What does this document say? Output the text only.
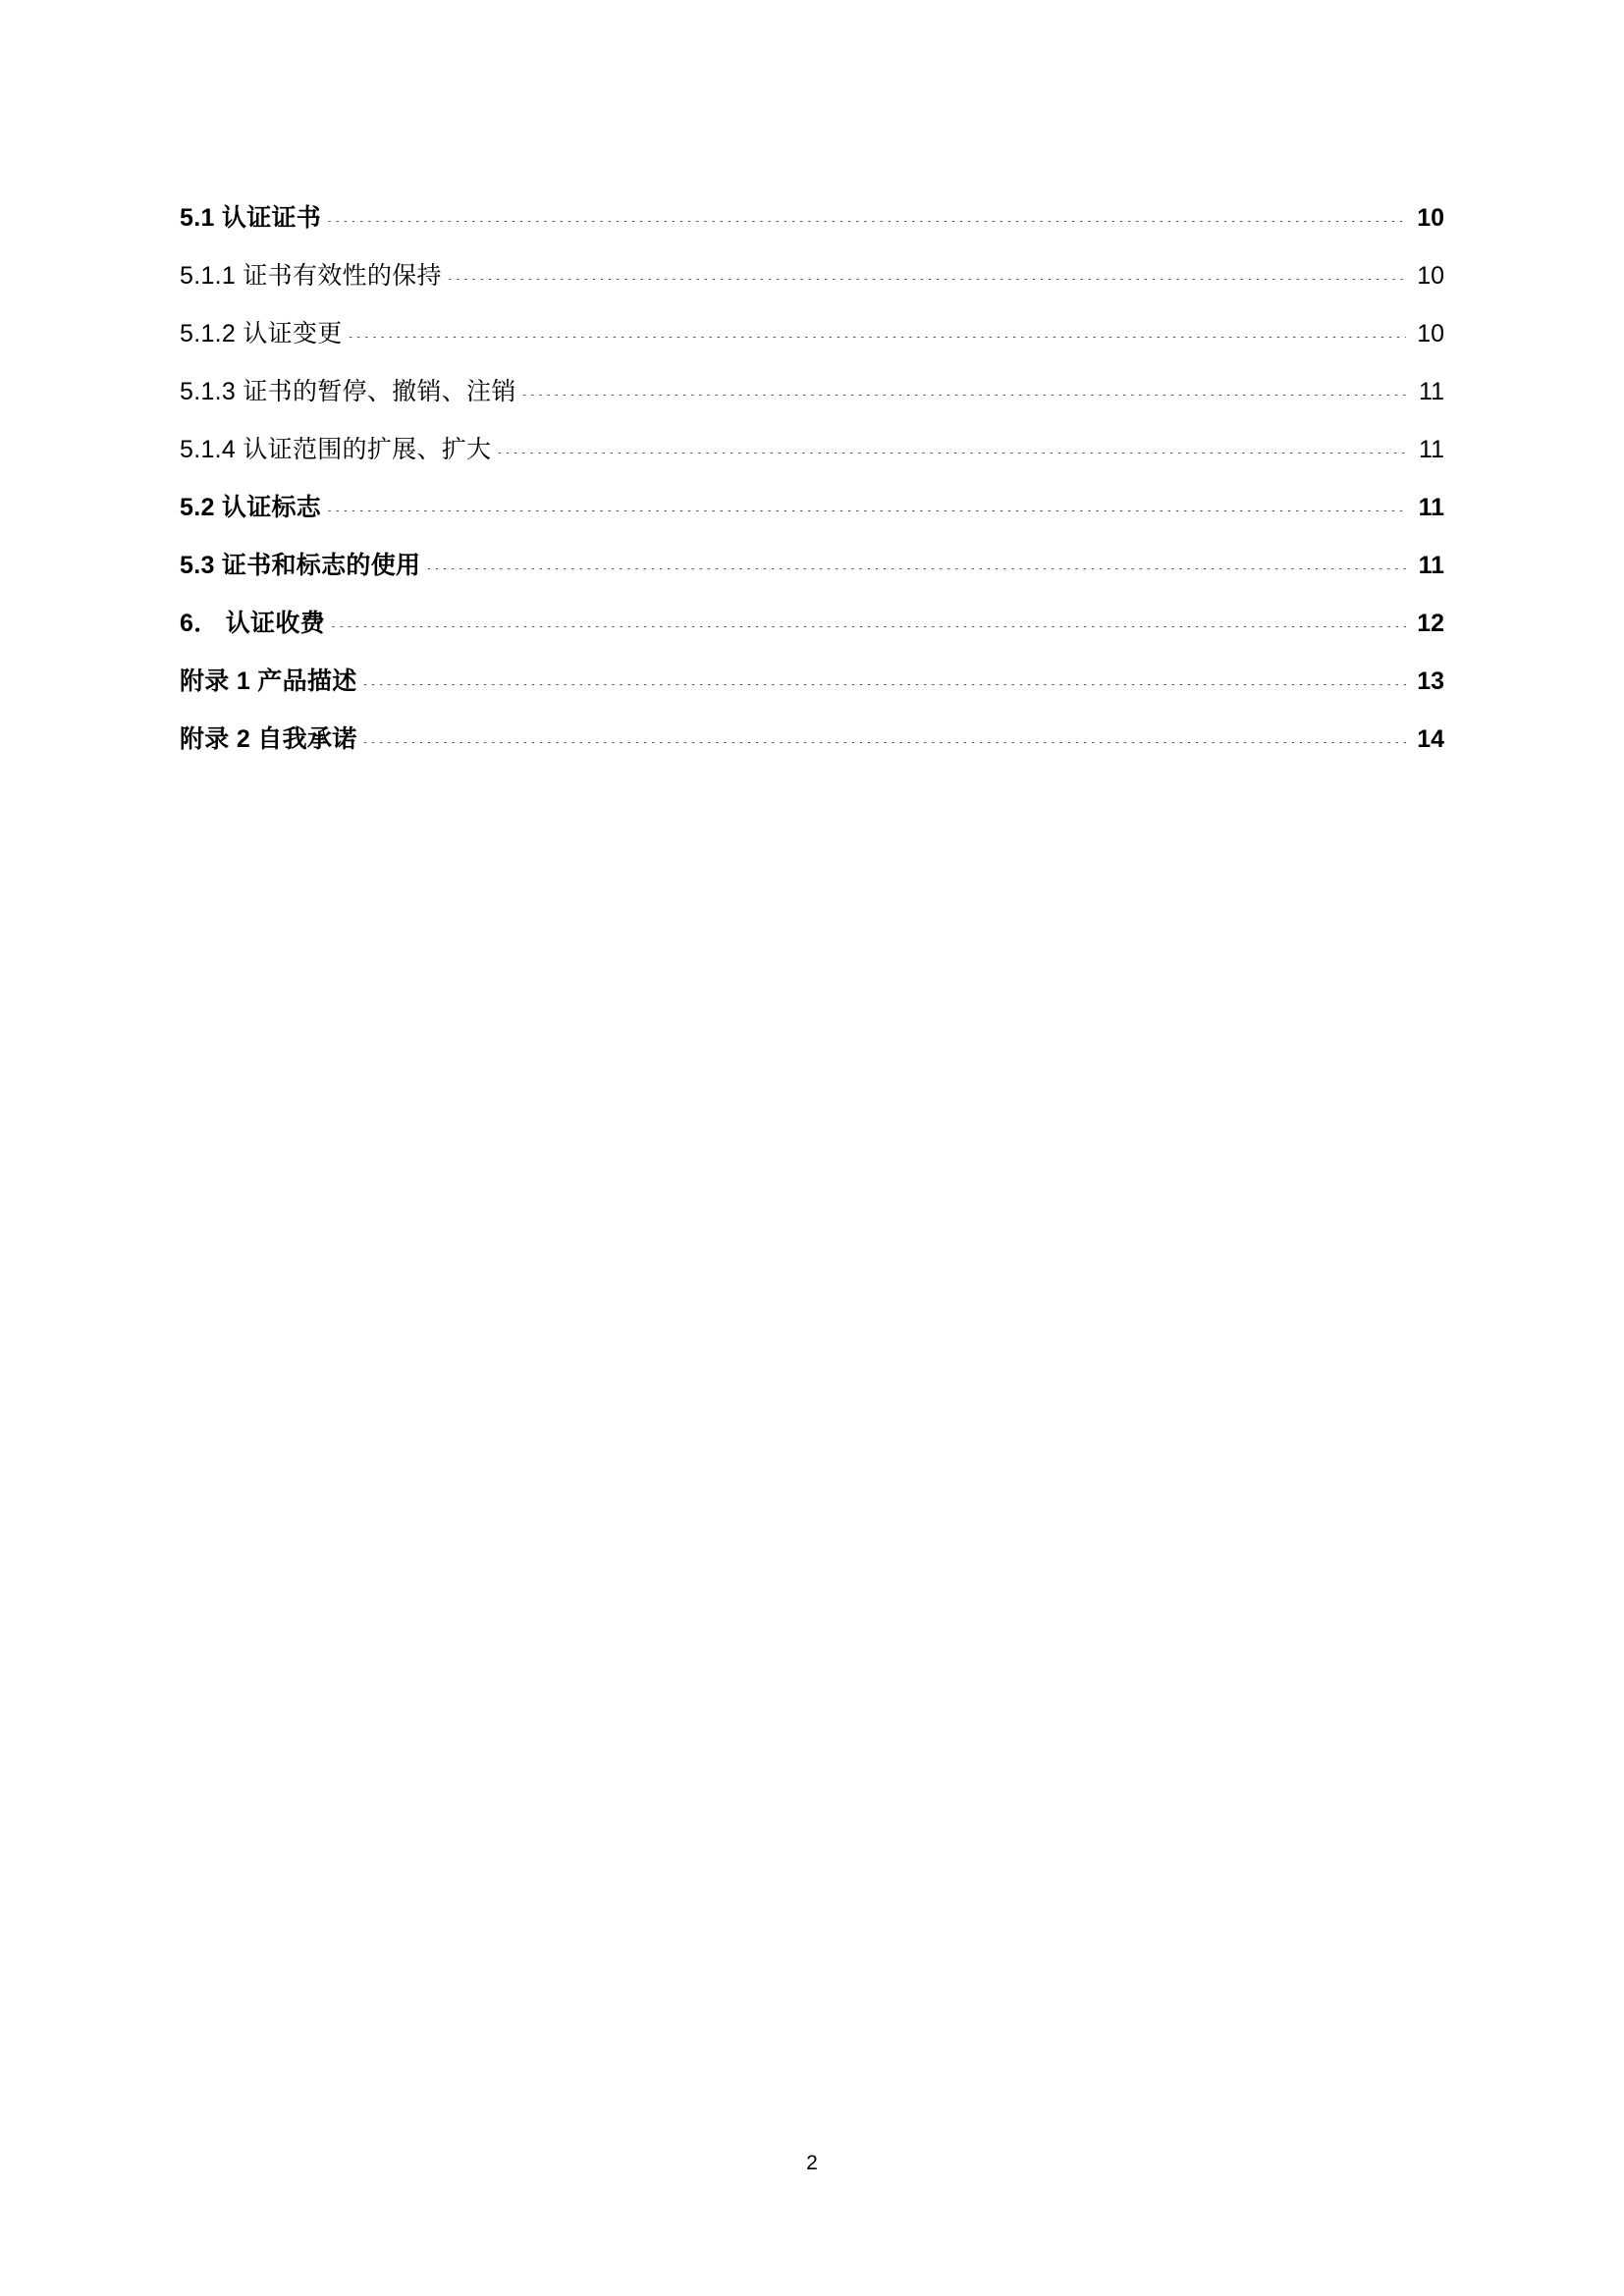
5.1 认证证书 .....	10
5.1.1 证书有效性的保持 .....	10
5.1.2 认证变更 .....	10
5.1.3 证书的暂停、撤销、注销 .....	11
5.1.4 认证范围的扩展、扩大 .....	11
5.2 认证标志 .....	11
5.3 证书和标志的使用 .....	11
6． 认证收费 .....	12
附录 1 产品描述 .....	13
附录 2 自我承诺 .....	14
2
